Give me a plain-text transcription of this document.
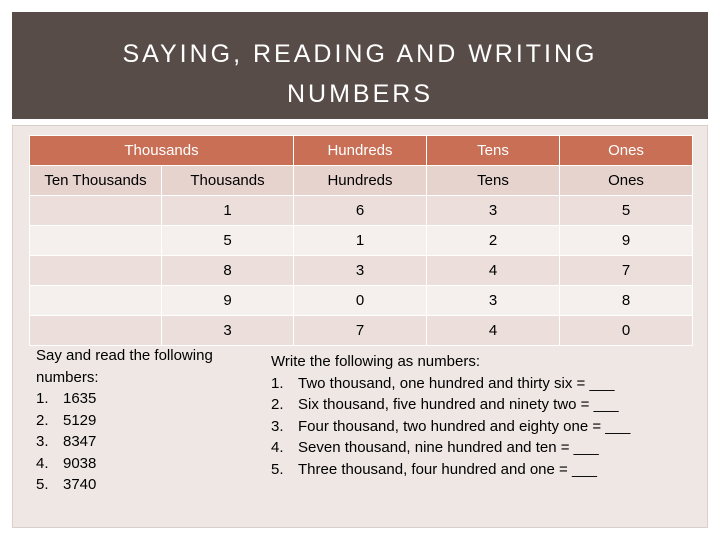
SAYING, READING AND WRITING
NUMBERS
Thousands		Hundreds	Tens	Ones
Ten Thousands	Thousands	Hundreds	Tens	Ones
	1	6	3	5
	5	1	2	9
	8	3	4	7
	9	0	3	8
	3	7	4	0
Say and read the following numbers:
1. 1635
2. 5129
3. 8347
4. 9038
5. 3740
Write the following as numbers:
1. Two thousand, one hundred and thirty six = ___
2. Six thousand, five hundred and ninety two = ___
3. Four thousand, two hundred and eighty one = ___
4. Seven thousand, nine hundred and ten = ___
5. Three thousand, four hundred and one = ___
